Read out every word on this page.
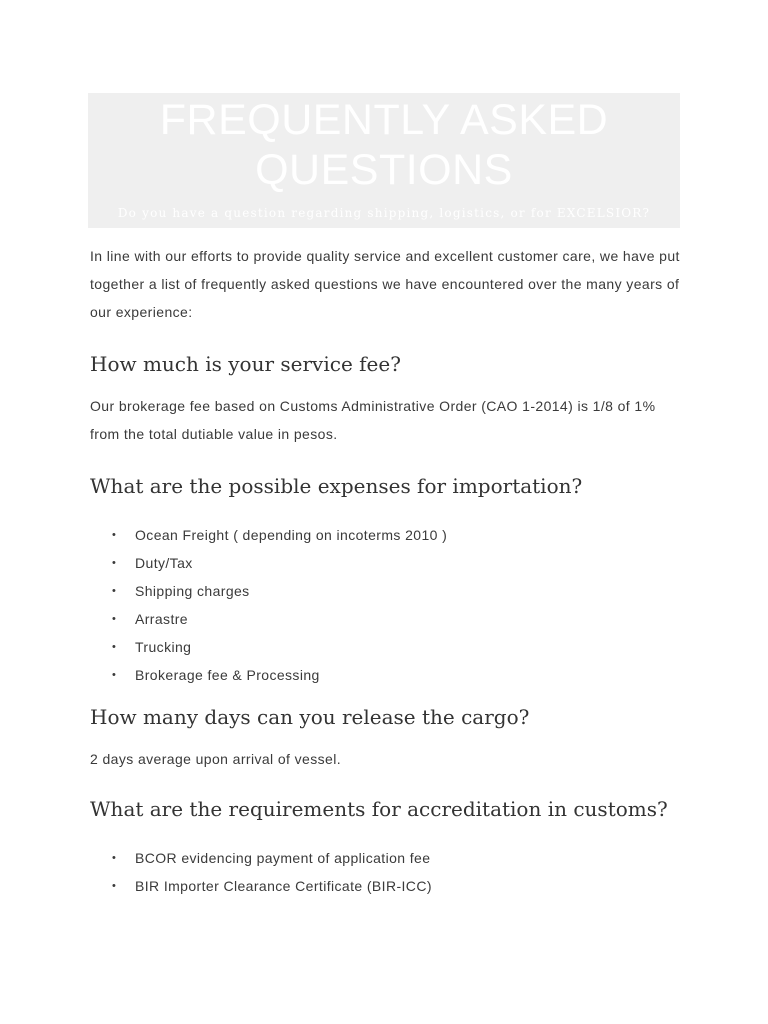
FREQUENTLY ASKED QUESTIONS

Do you have a question regarding shipping, logistics, or for EXCELSIOR?

In line with our efforts to provide quality service and excellent customer care, we have put together a list of frequently asked questions we have encountered over the many years of our experience:

How much is your service fee?

Our brokerage fee based on Customs Administrative Order (CAO 1-2014) is 1/8 of 1% from the total dutiable value in pesos.

What are the possible expenses for importation?
• Ocean Freight ( depending on incoterms 2010 )
• Duty/Tax
• Shipping charges
• Arrastre
• Trucking
• Brokerage fee & Processing
How many days can you release the cargo?

2 days average upon arrival of vessel.

What are the requirements for accreditation in customs?
• BCOR evidencing payment of application fee
• BIR Importer Clearance Certificate (BIR-ICC)
